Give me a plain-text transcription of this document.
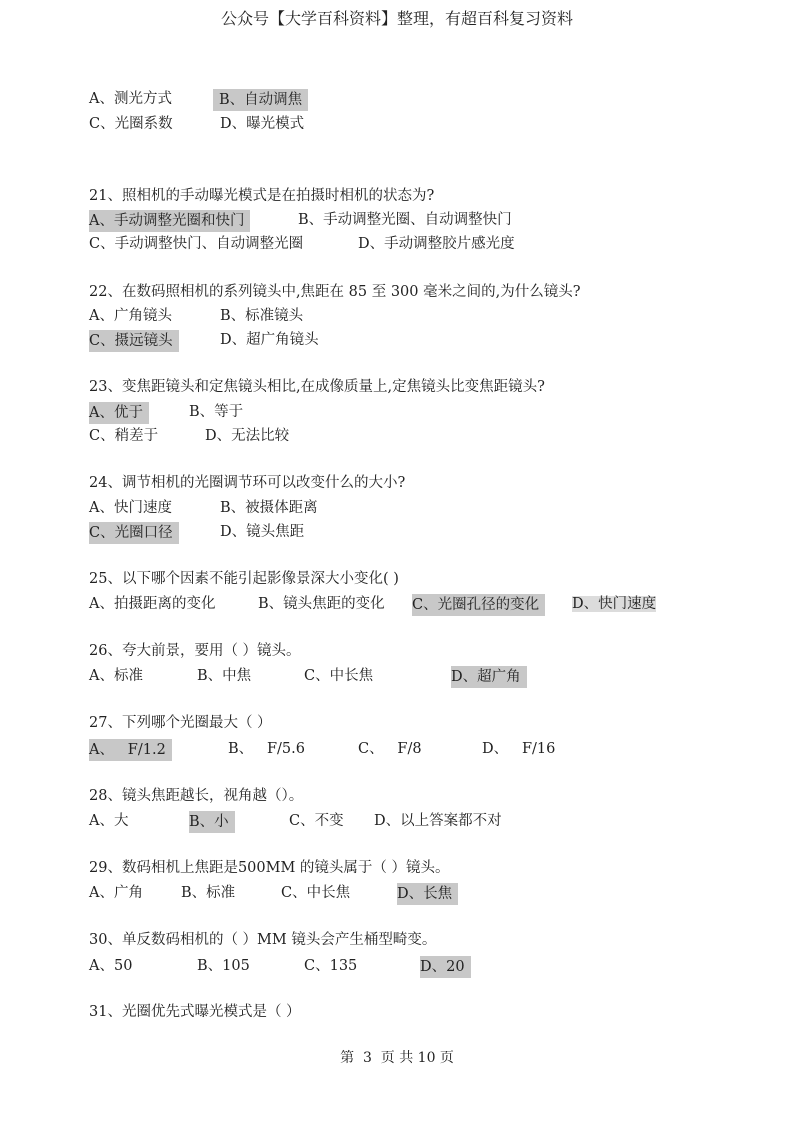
公众号【大学百科资料】整理，有超百科复习资料
A、测光方式	B、自动调焦
C、光圈系数	D、曝光模式
21、照相机的手动曝光模式是在拍摄时相机的状态为?
A、手动调整光圈和快门	B、手动调整光圈、自动调整快门
C、手动调整快门、自动调整光圈	D、手动调整胶片感光度
22、在数码照相机的系列镜头中,焦距在 85 至 300 毫米之间的,为什么镜头?
A、广角镜头	B、标准镜头
C、摄远镜头	D、超广角镜头
23、变焦距镜头和定焦镜头相比,在成像质量上,定焦镜头比变焦距镜头?
A、优于	B、等于
C、稍差于	D、无法比较
24、调节相机的光圈调节环可以改变什么的大小?
A、快门速度	B、被摄体距离
C、光圈口径	D、镜头焦距
25、以下哪个因素不能引起影像景深大小变化( )
A、拍摄距离的变化	B、镜头焦距的变化 C、光圈孔径的变化	D、快门速度
26、夸大前景，要用（ ）镜头。
A、标准	B、中焦	C、中长焦	D、超广角
27、下列哪个光圈最大（ ）
A、   F/1.2	B、   F/5.6	C、   F/8	D、   F/16
28、镜头焦距越长，视角越（）。
A、大	B、小	C、不变 D、以上答案都不对
29、数码相机上焦距是500MM 的镜头属于（ ）镜头。
A、广角	B、标准	C、中长焦	D、长焦
30、单反数码相机的（ ）MM 镜头会产生桶型畸变。
A、50	B、105	C、135	D、20
31、光圈优先式曝光模式是（ ）
第  3  页 共 10 页
